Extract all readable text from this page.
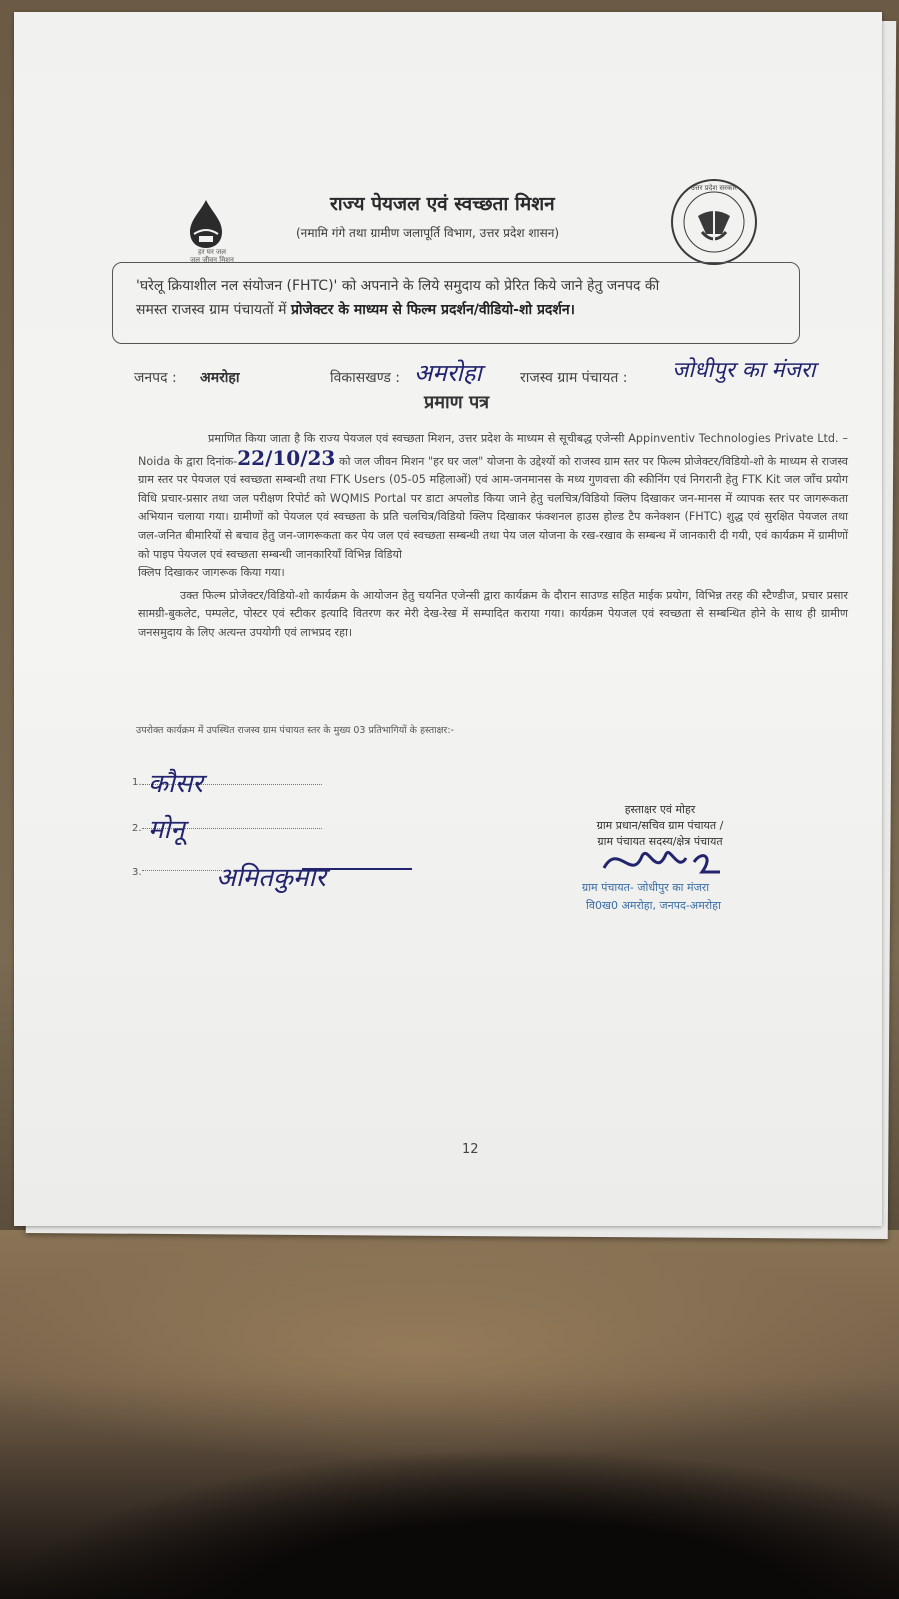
हर घर जल
जल जीवन मिशन
उत्तर प्रदेश सरकार
राज्य पेयजल एवं स्वच्छता मिशन
(नमामि गंगे तथा ग्रामीण जलापूर्ति विभाग, उत्तर प्रदेश शासन)
'घरेलू क्रियाशील नल संयोजन (FHTC)' को अपनाने के लिये समुदाय को प्रेरित किये जाने हेतु जनपद की
समस्त राजस्व ग्राम पंचायतों में प्रोजेक्टर के माध्यम से फिल्म प्रदर्शन/वीडियो-शो प्रदर्शन।
जनपद : अमरोहा	विकासखण्ड : अमरोहा	राजस्व ग्राम पंचायत : जोधीपुर का मंजरा
प्रमाण पत्र
प्रमाणित किया जाता है कि राज्य पेयजल एवं स्वच्छता मिशन, उत्तर प्रदेश के माध्यम से सूचीबद्ध एजेन्सी Appinventiv Technologies Private Ltd. – Noida के द्वारा दिनांक-22/10/23 को जल जीवन मिशन "हर घर जल" योजना के उद्देश्यों को राजस्व ग्राम स्तर पर फिल्म प्रोजेक्टर/विडियो-शो के माध्यम से राजस्व ग्राम स्तर पर पेयजल एवं स्वच्छता सम्बन्धी तथा FTK Users (05-05 महिलाओं) एवं आम-जनमानस के मध्य गुणवत्ता की स्कीनिंग एवं निगरानी हेतु FTK Kit जल जाँच प्रयोग विधि प्रचार-प्रसार तथा जल परीक्षण रिपोर्ट को WQMIS Portal पर डाटा अपलोड किया जाने हेतु चलचित्र/विडियो क्लिप दिखाकर जन-मानस में व्यापक स्तर पर जागरूकता अभियान चलाया गया। ग्रामीणों को पेयजल एवं स्वच्छता के प्रति चलचित्र/विडियो क्लिप दिखाकर फंक्शनल हाउस होल्ड टैप कनेक्शन (FHTC) शुद्ध एवं सुरक्षित पेयजल तथा जल-जनित बीमारियों से बचाव हेतु जन-जागरूकता कर पेय जल एवं स्वच्छता सम्बन्धी तथा पेय जल योजना के रख-रखाव के सम्बन्ध में जानकारी दी गयी, एवं कार्यक्रम में ग्रामीणों को पाइप पेयजल एवं स्वच्छता सम्बन्धी जानकारियाँ विभिन्न विडियो
क्लिप दिखाकर जागरूक किया गया।
उक्त फिल्म प्रोजेक्टर/विडियो-शो कार्यक्रम के आयोजन हेतु चयनित एजेन्सी द्वारा कार्यक्रम के दौरान साउण्ड सहित माईक प्रयोग, विभिन्न तरह की स्टैण्डीज, प्रचार प्रसार सामग्री-बुकलेट, पम्पलेट, पोस्टर एवं स्टीकर इत्यादि वितरण कर मेरी देख-रेख में सम्पादित कराया गया। कार्यक्रम पेयजल एवं स्वच्छता से सम्बन्धित होने के साथ ही ग्रामीण जनसमुदाय के लिए अत्यन्त उपयोगी एवं लाभप्रद रहा।
उपरोक्त कार्यक्रम में उपस्थित राजस्व ग्राम पंचायत स्तर के मुख्य 03 प्रतिभागियों के हस्ताक्षर:-
1. कौसर
2. मोनू
3.	अमितकुमार
हस्ताक्षर एवं मोहर
ग्राम प्रधान/सचिव ग्राम पंचायत /
ग्राम पंचायत सदस्य/क्षेत्र पंचायत
ग्राम पंचायत- जोधीपुर का मंजरा
वि0ख0 अमरोहा, जनपद-अमरोहा
12
